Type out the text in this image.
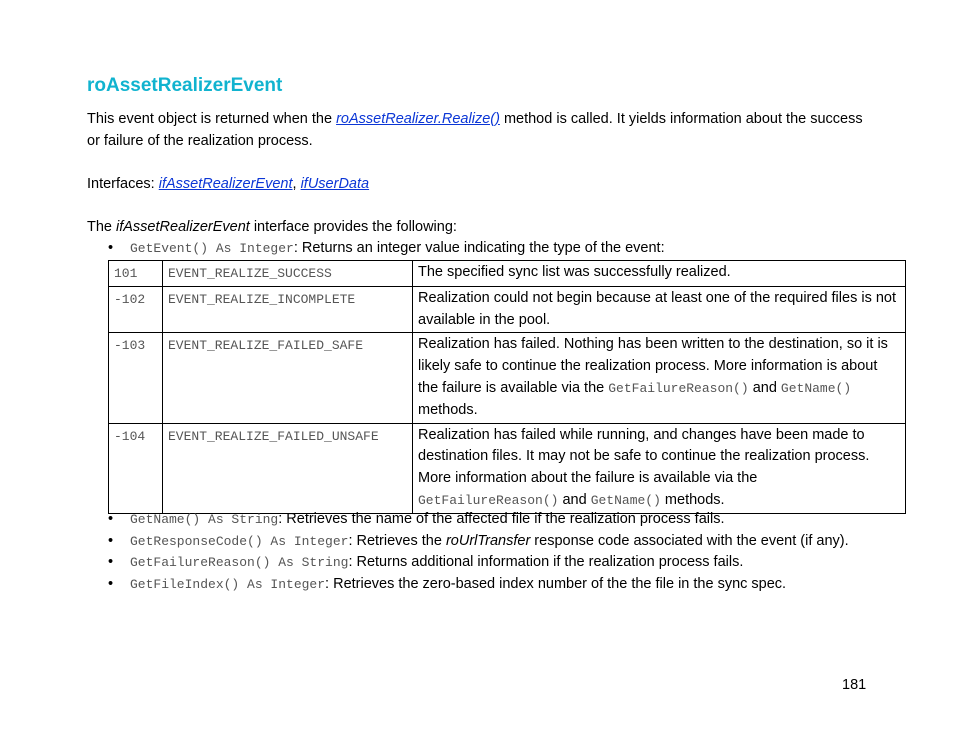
roAssetRealizerEvent

This event object is returned when the roAssetRealizer.Realize() method is called. It yields information about the success or failure of the realization process.

Interfaces: ifAssetRealizerEvent, ifUserData

The ifAssetRealizerEvent interface provides the following:

• GetEvent() As Integer: Returns an integer value indicating the type of the event:
101	EVENT_REALIZE_SUCCESS	The specified sync list was successfully realized.
-102	EVENT_REALIZE_INCOMPLETE	Realization could not begin because at least one of the required files is not available in the pool.
-103	EVENT_REALIZE_FAILED_SAFE	Realization has failed. Nothing has been written to the destination, so it is likely safe to continue the realization process. More information is about the failure is available via the GetFailureReason() and GetName() methods.
-104	EVENT_REALIZE_FAILED_UNSAFE	Realization has failed while running, and changes have been made to destination files. It may not be safe to continue the realization process. More information about the failure is available via the GetFailureReason() and GetName() methods.
• GetName() As String: Retrieves the name of the affected file if the realization process fails.
• GetResponseCode() As Integer: Retrieves the roUrlTransfer response code associated with the event (if any).
• GetFailureReason() As String: Returns additional information if the realization process fails.
• GetFileIndex() As Integer: Retrieves the zero-based index number of the the file in the sync spec.
181
